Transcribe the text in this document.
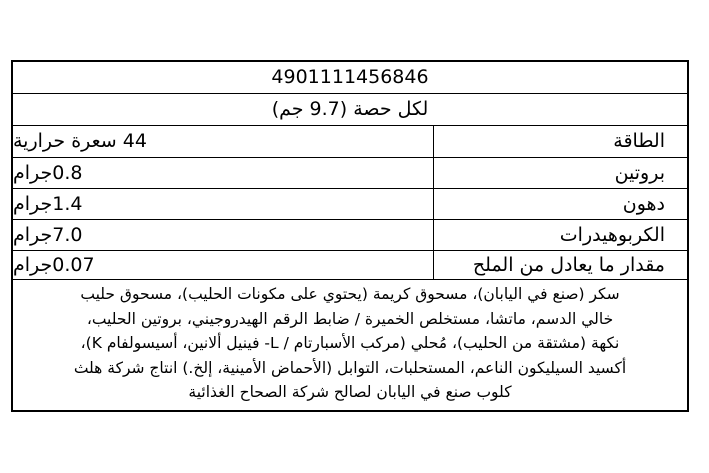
4901111456846
لكل حصة (9.7 جم)
الطاقة
44 سعرة حرارية
بروتين
0.8جرام
دهون
1.4جرام
الكربوهيدرات
7.0جرام
مقدار ما يعادل من الملح
0.07جرام
سكر (صنع في اليابان)، مسحوق كريمة (يحتوي على مكونات الحليب)، مسحوق حليب
خالي الدسم، ماتشا، مستخلص الخميرة / ضابط الرقم الهيدروجيني، بروتين الحليب،
نكهة (مشتقة من الحليب)، مُحلي (مركب الأسبارتام / L- فينيل ألانين، أسيسولفام K)،
أكسيد السيليكون الناعم، المستحلبات، التوابل (الأحماض الأمينية، إلخ.) انتاج شركة هلث
كلوب صنع في اليابان لصالح شركة الصحاح الغذائية
